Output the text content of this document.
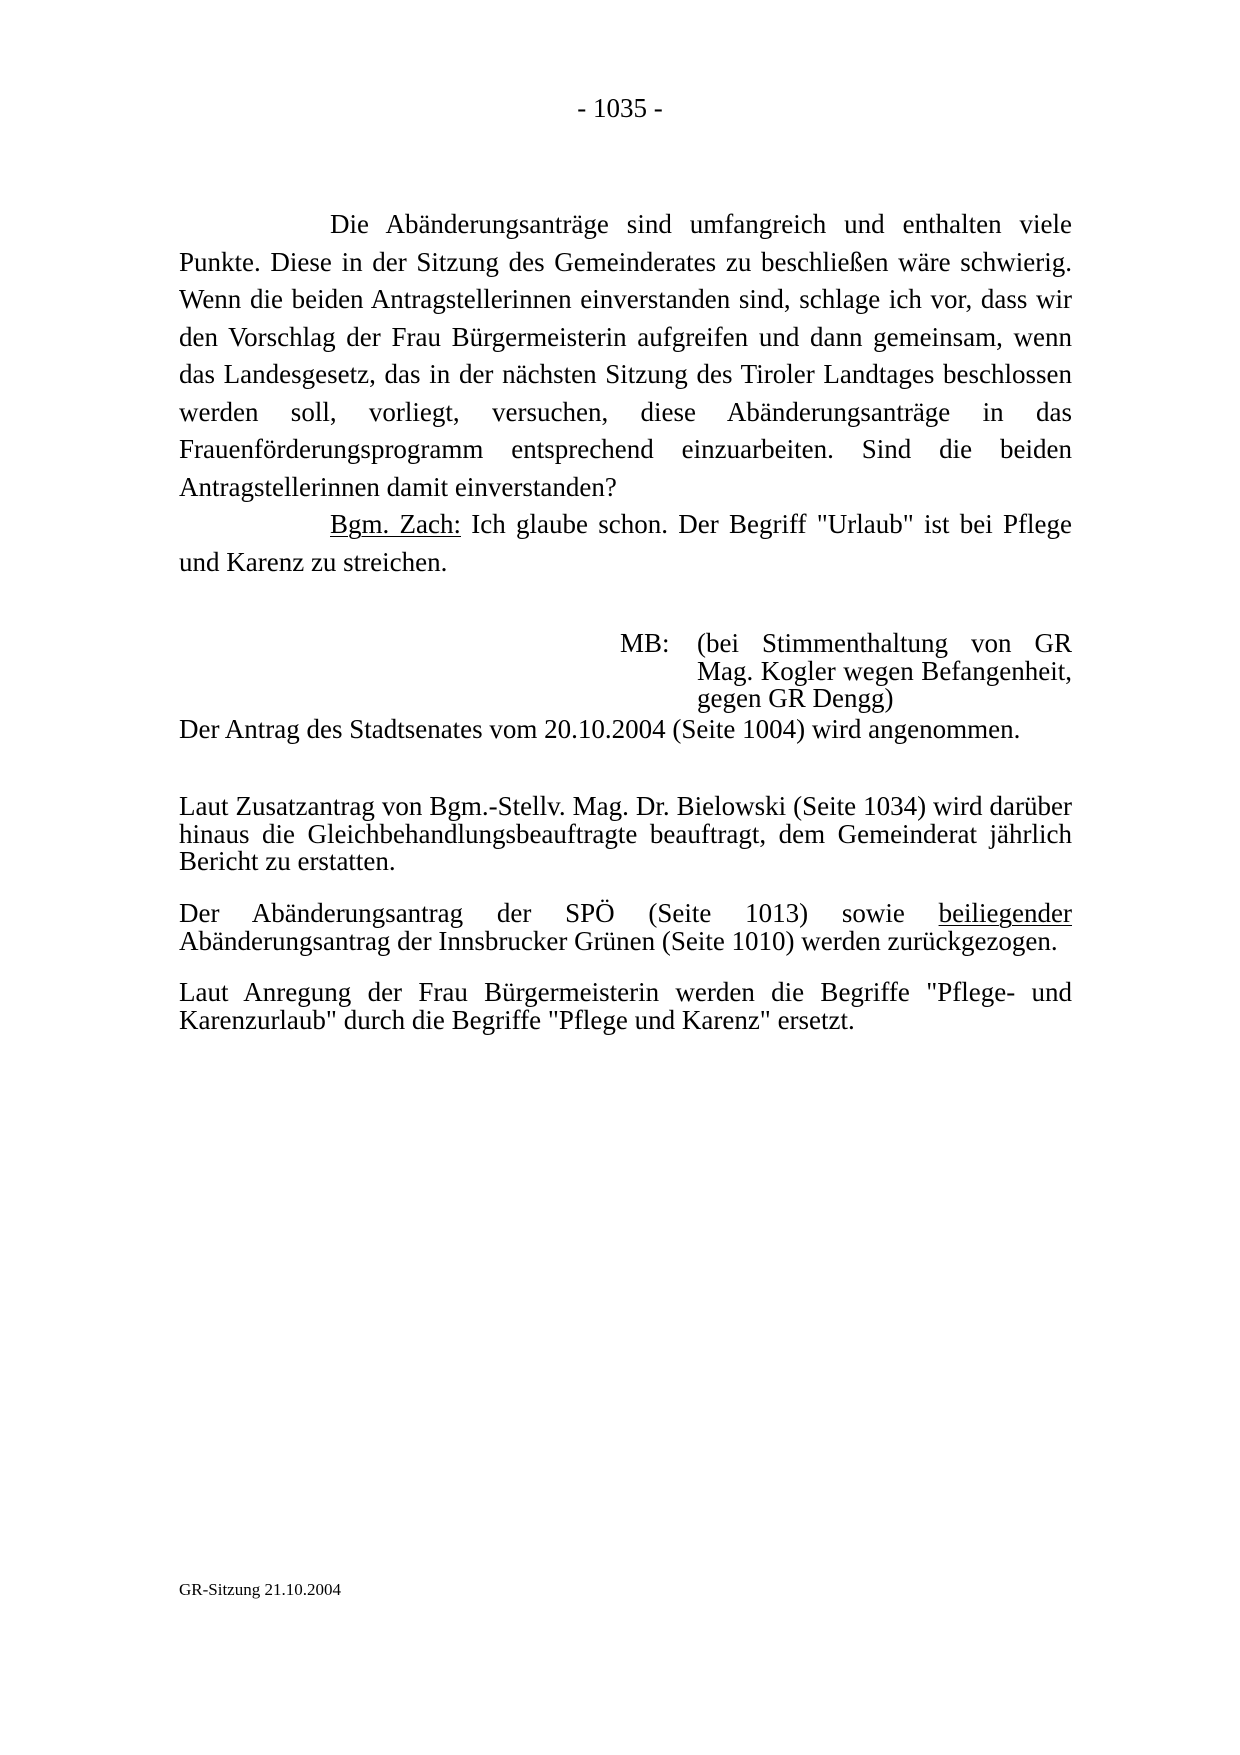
- 1035 -

Die Abänderungsanträge sind umfangreich und enthalten viele Punkte. Diese in der Sitzung des Gemeinderates zu beschließen wäre schwierig. Wenn die beiden Antragstellerinnen einverstanden sind, schlage ich vor, dass wir den Vorschlag der Frau Bürgermeisterin aufgreifen und dann gemeinsam, wenn das Landesgesetz, das in der nächsten Sitzung des Tiroler Landtages beschlossen werden soll, vorliegt, versuchen, diese Abänderungsanträge in das Frauenförderungsprogramm entsprechend einzuarbeiten. Sind die beiden Antragstellerinnen damit einverstanden?

Bgm. Zach: Ich glaube schon. Der Begriff "Urlaub" ist bei Pflege und Karenz zu streichen.

MB:	(bei Stimmenthaltung von GR Mag. Kogler wegen Befangenheit, gegen GR Dengg)

Der Antrag des Stadtsenates vom 20.10.2004 (Seite 1004) wird angenommen.

Laut Zusatzantrag von Bgm.-Stellv. Mag. Dr. Bielowski (Seite 1034) wird darüber hinaus die Gleichbehandlungsbeauftragte beauftragt, dem Gemeinderat jährlich Bericht zu erstatten.

Der Abänderungsantrag der SPÖ (Seite 1013) sowie beiliegender Abänderungsantrag der Innsbrucker Grünen (Seite 1010) werden zurückgezogen.

Laut Anregung der Frau Bürgermeisterin werden die Begriffe "Pflege- und Karenzurlaub" durch die Begriffe "Pflege und Karenz" ersetzt.

GR-Sitzung 21.10.2004
